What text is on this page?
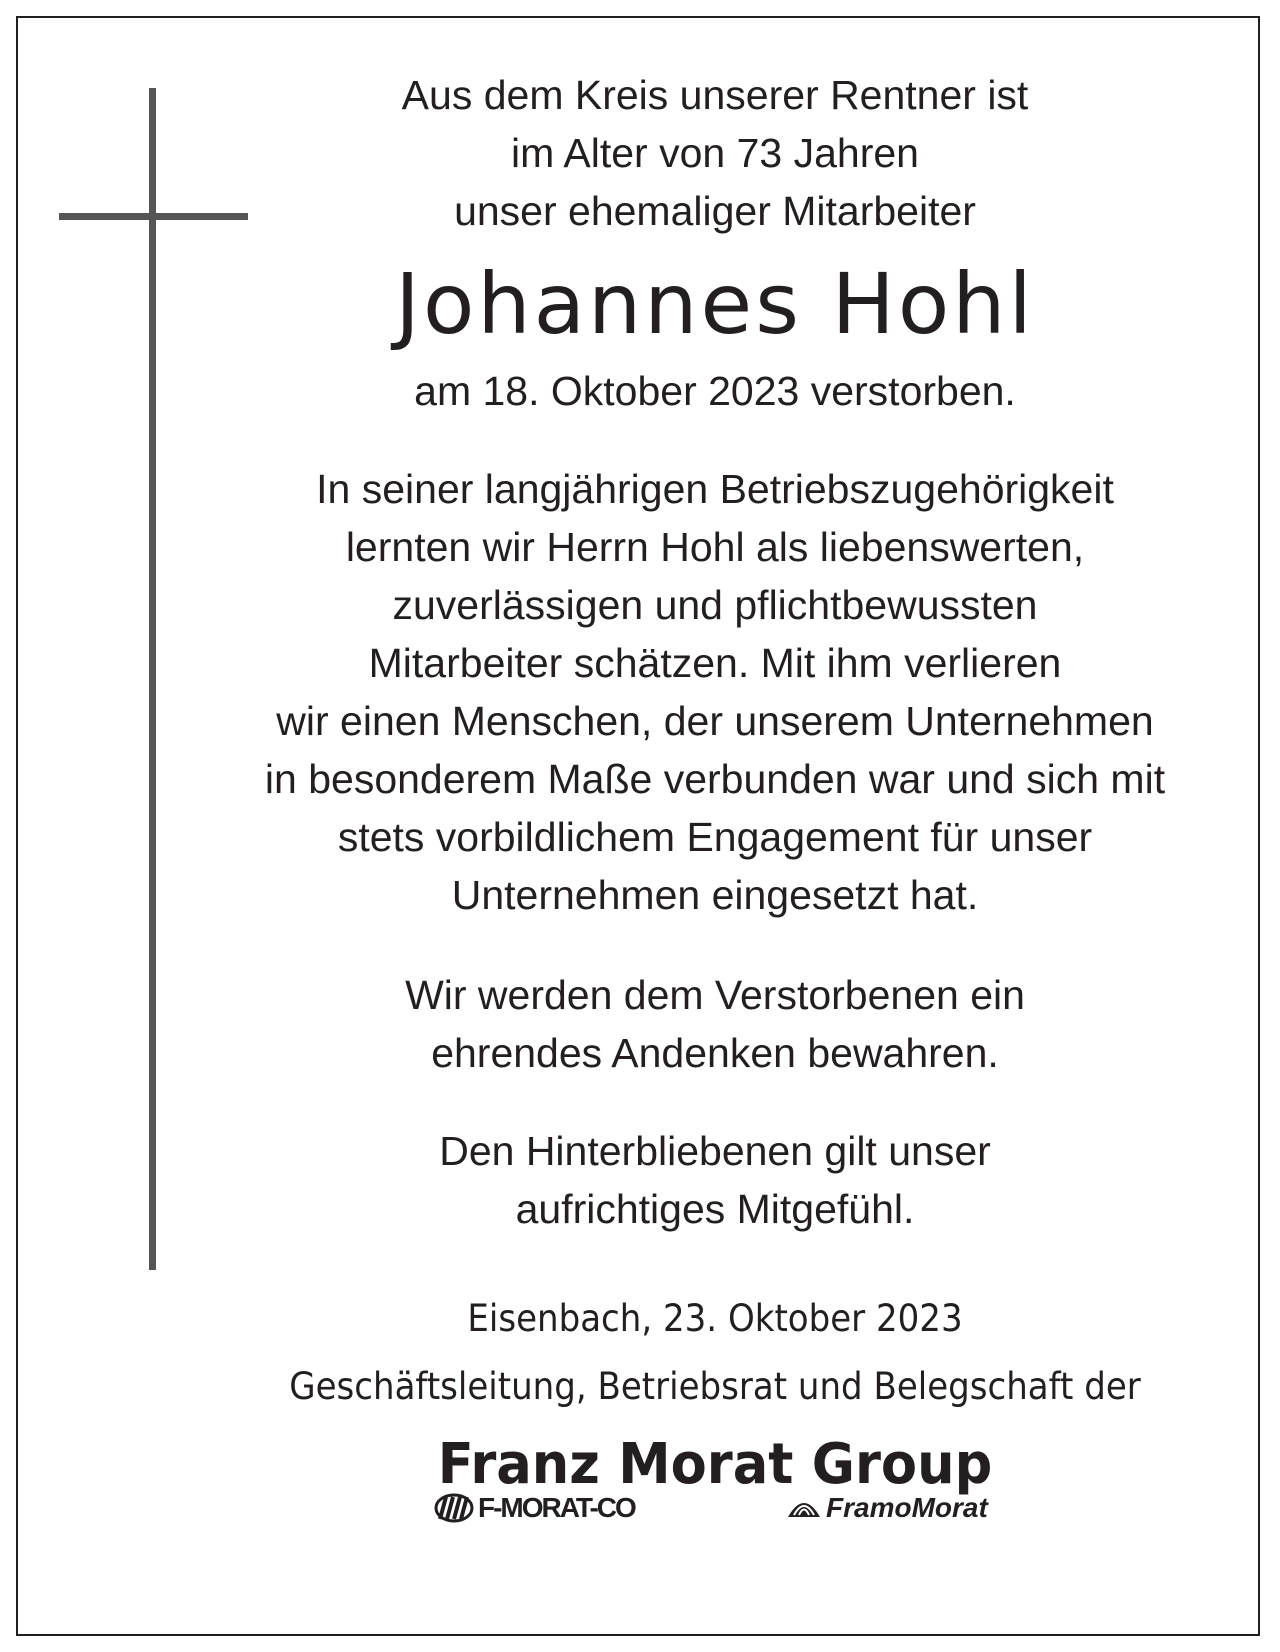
Aus dem Kreis unserer Rentner ist
im Alter von 73 Jahren
unser ehemaliger Mitarbeiter
Johannes Hohl
am 18. Oktober 2023 verstorben.
In seiner langjährigen Betriebszugehörigkeit
lernten wir Herrn Hohl als liebenswerten,
zuverlässigen und pflichtbewussten
Mitarbeiter schätzen. Mit ihm verlieren
wir einen Menschen, der unserem Unternehmen
in besonderem Maße verbunden war und sich mit
stets vorbildlichem Engagement für unser
Unternehmen eingesetzt hat.
Wir werden dem Verstorbenen ein
ehrendes Andenken bewahren.
Den Hinterbliebenen gilt unser
aufrichtiges Mitgefühl.
Eisenbach, 23. Oktober 2023
Geschäftsleitung, Betriebsrat und Belegschaft der
Franz Morat Group
F-MORAT-CO	FramoMorat
